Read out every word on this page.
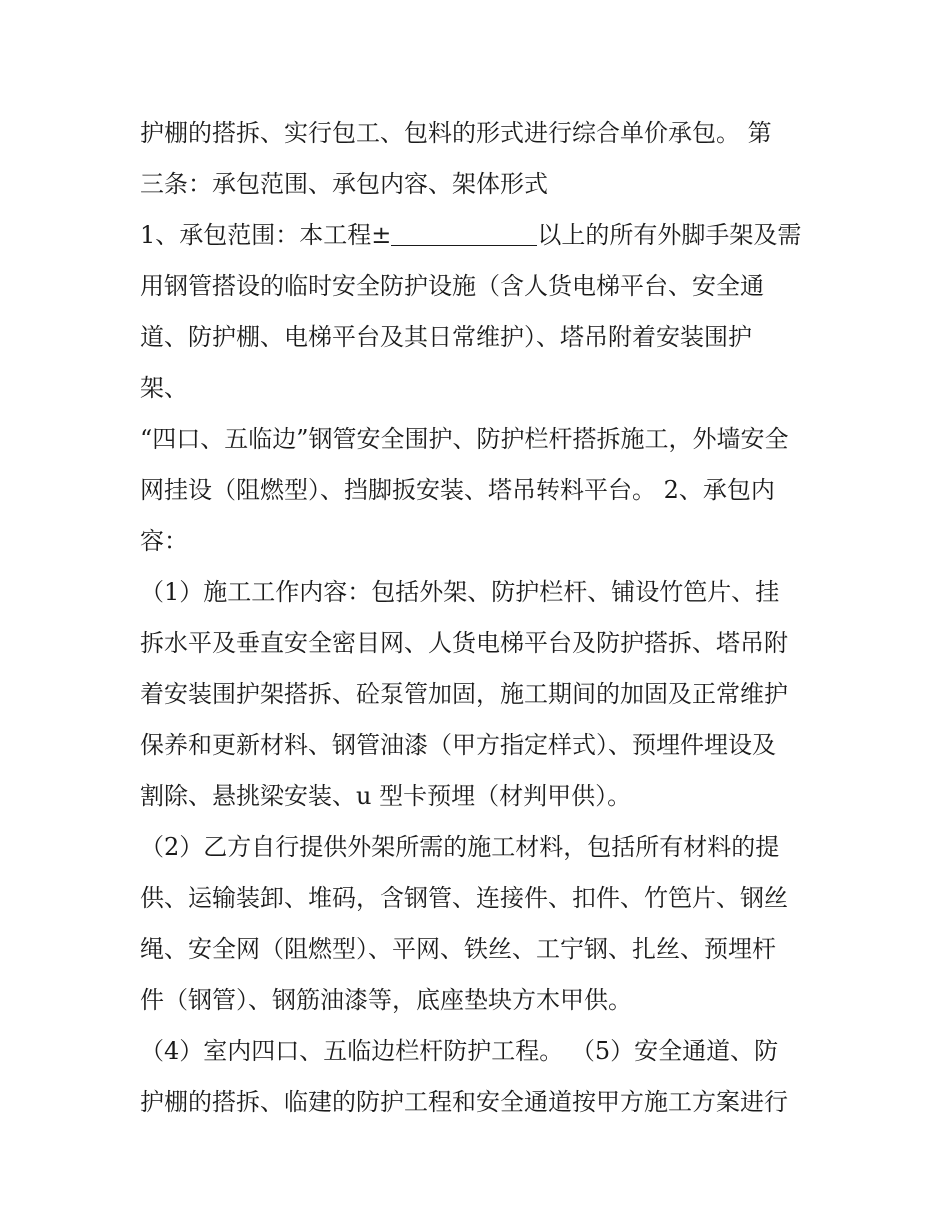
护棚的搭拆、实行包工、包料的形式进行综合单价承包。 第
三条：承包范围、承包内容、架体形式
1、承包范围：本工程±	以上的所有外脚手架及需
用钢管搭设的临时安全防护设施（含人货电梯平台、安全通
道、防护棚、电梯平台及其日常维护）、塔吊附着安装围护
架、
“四口、五临边”钢管安全围护、防护栏杆搭拆施工，外墙安全
网挂设（阻燃型）、挡脚扳安装、塔吊转料平台。 2、承包内
容：
（1）施工工作内容：包括外架、防护栏杆、铺设竹笆片、挂
拆水平及垂直安全密目网、人货电梯平台及防护搭拆、塔吊附
着安装围护架搭拆、砼泵管加固，施工期间的加固及正常维护
保养和更新材料、钢管油漆（甲方指定样式）、预埋件埋设及
割除、悬挑梁安装、u 型卡预埋（材判甲供）。
（2）乙方自行提供外架所需的施工材料，包括所有材料的提
供、运输装卸、堆码，含钢管、连接件、扣件、竹笆片、钢丝
绳、安全网（阻燃型）、平网、铁丝、工宁钢、扎丝、预埋杆
件（钢管）、钢筋油漆等，底座垫块方木甲供。
（4）室内四口、五临边栏杆防护工程。 （5）安全通道、防
护棚的搭拆、临建的防护工程和安全通道按甲方施工方案进行
